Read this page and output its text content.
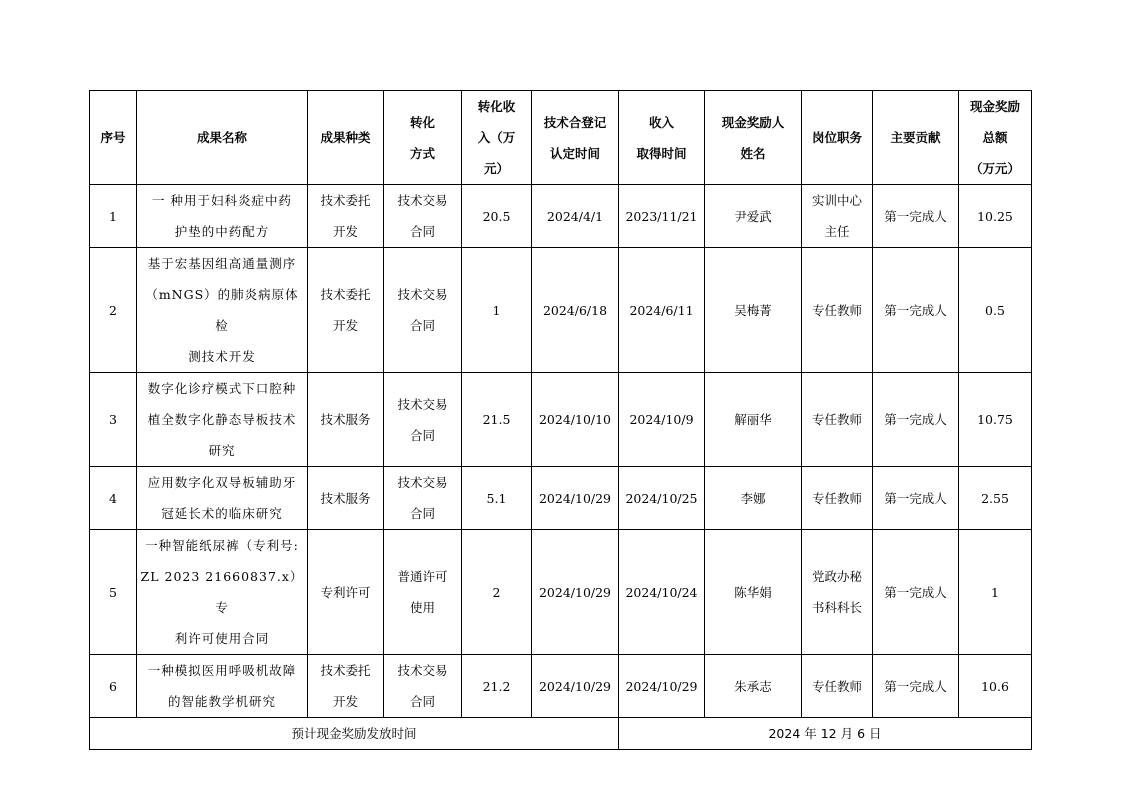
序号	成果名称	成果种类	转化
方式	转化收
入（万
元）	技术合登记
认定时间	收入
取得时间	现金奖励人
姓名	岗位职务	主要贡献	现金奖励
总额
（万元）

1	一 种用于妇科炎症中药
护垫的中药配方	技术委托
开发	技术交易
合同	20.5	2024/4/1	2023/11/21	尹爱武	实训中心
主任	第一完成人	10.25

2	基于宏基因组高通量测序
（mNGS）的肺炎病原体检
测技术开发	技术委托
开发	技术交易
合同	1	2024/6/18	2024/6/11	吴梅菁	专任教师	第一完成人	0.5

3	数字化诊疗模式下口腔种
植全数字化静态导板技术
研究	技术服务	技术交易
合同	21.5	2024/10/10	2024/10/9	解丽华	专任教师	第一完成人	10.75

4	应用数字化双导板辅助牙
冠延长术的临床研究	技术服务	技术交易
合同	5.1	2024/10/29	2024/10/25	李娜	专任教师	第一完成人	2.55

5	一种智能纸尿裤（专利号:
ZL 2023 21660837.x）专
利许可使用合同	专利许可	普通许可
使用	2	2024/10/29	2024/10/24	陈华娟	党政办秘
书科科长	第一完成人	1

6	一种模拟医用呼吸机故障
的智能教学机研究	技术委托
开发	技术交易
合同	21.2	2024/10/29	2024/10/29	朱承志	专任教师	第一完成人	10.6

预计现金奖励发放时间						2024 年 12 月 6 日				
